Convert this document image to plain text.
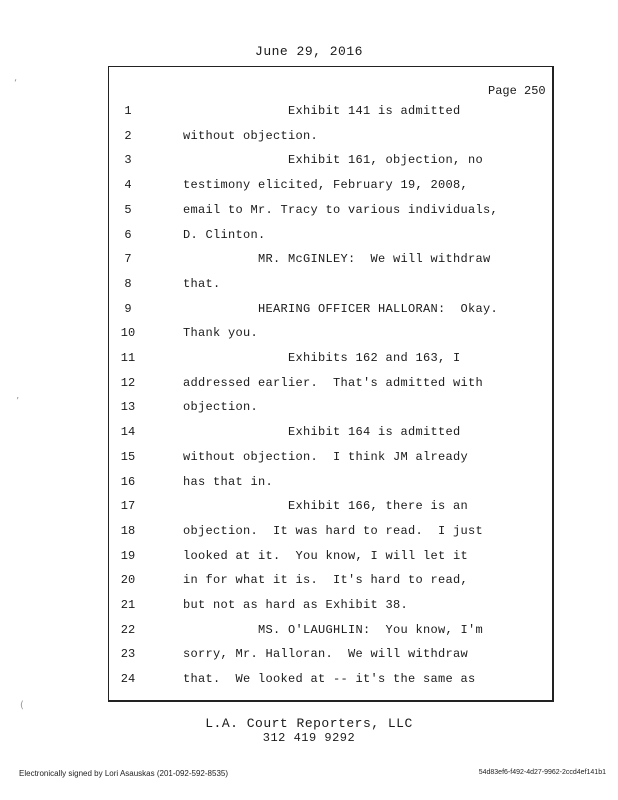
June 29, 2016
Page 250
1	Exhibit 141 is admitted
2	without objection.
3	Exhibit 161, objection, no
4	testimony elicited, February 19, 2008,
5	email to Mr. Tracy to various individuals,
6	D. Clinton.
7	MR. McGINLEY:  We will withdraw
8	that.
9	HEARING OFFICER HALLORAN:  Okay.
10	Thank you.
11	Exhibits 162 and 163, I
12	addressed earlier.  That's admitted with
13	objection.
14	Exhibit 164 is admitted
15	without objection.  I think JM already
16	has that in.
17	Exhibit 166, there is an
18	objection.  It was hard to read.  I just
19	looked at it.  You know, I will let it
20	in for what it is.  It's hard to read,
21	but not as hard as Exhibit 38.
22	MS. O'LAUGHLIN:  You know, I'm
23	sorry, Mr. Halloran.  We will withdraw
24	that.  We looked at -- it's the same as
L.A. Court Reporters, LLC
312 419 9292
Electronically signed by Lori Asauskas (201-092-592-8535)	54d83ef6-f492-4d27-9962-2ccd4ef141b1
‘
’
(
